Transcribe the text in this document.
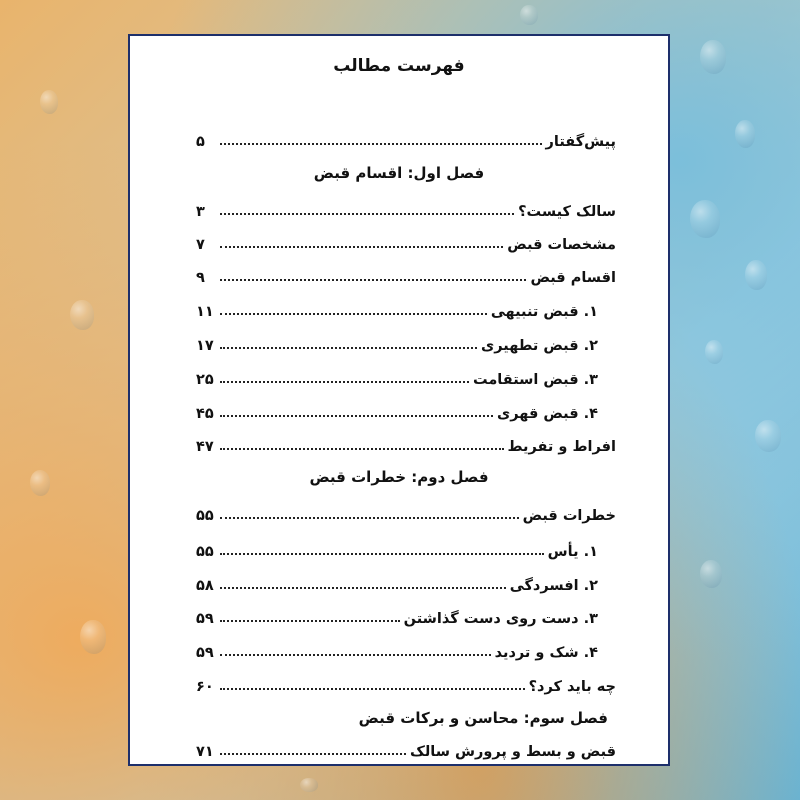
فهرست مطالب
پیش‌گفتار
۵
فصل اول: اقسام قبض
سالک کیست؟
۳
مشخصات قبض
۷
اقسام قبض
۹
۱. قبض تنبیهی
۱۱
۲. قبض تطهیری
۱۷
۳. قبض استقامت
۲۵
۴. قبض قهری
۴۵
افراط و تفریط
۴۷
فصل دوم: خطرات قبض
خطرات قبض
۵۵
۱. یأس
۵۵
۲. افسردگی
۵۸
۳. دست روی دست گذاشتن
۵۹
۴. شک و تردید
۵۹
چه باید کرد؟
۶۰
فصل سوم: محاسن و برکات قبض
قبض و بسط و پرورش سالک
۷۱
